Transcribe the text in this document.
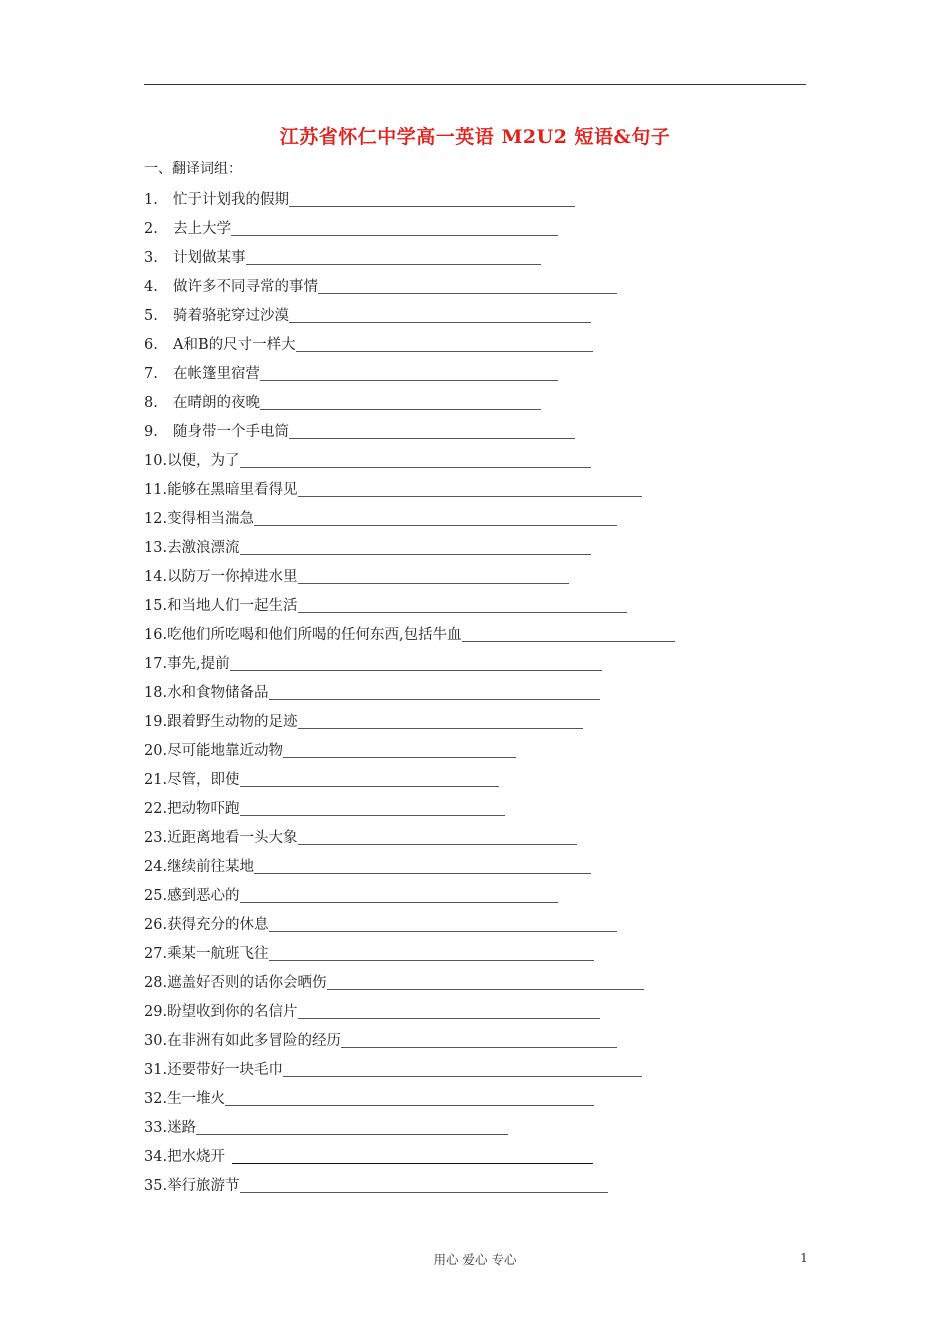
江苏省怀仁中学高一英语 M2U2 短语&句子
一、翻译词组：
1.	忙于计划我的假期
2.	去上大学
3.	计划做某事
4.	做许多不同寻常的事情
5.	骑着骆驼穿过沙漠
6.	A和B的尺寸一样大
7.	在帐篷里宿营
8.	在晴朗的夜晚
9.	随身带一个手电筒
10. 以便，为了
11. 能够在黑暗里看得见
12. 变得相当湍急
13. 去激浪漂流
14. 以防万一你掉进水里
15. 和当地人们一起生活
16. 吃他们所吃喝和他们所喝的任何东西,包括牛血
17. 事先,提前
18. 水和食物储备品
19. 跟着野生动物的足迹
20. 尽可能地靠近动物
21. 尽管，即使
22. 把动物吓跑
23. 近距离地看一头大象
24. 继续前往某地
25. 感到恶心的
26. 获得充分的休息
27. 乘某一航班飞往
28. 遮盖好否则的话你会晒伤
29. 盼望收到你的名信片
30. 在非洲有如此多冒险的经历
31. 还要带好一块毛巾
32. 生一堆火
33. 迷路
34. 把水烧开
35. 举行旅游节
用心 爱心 专心	1
